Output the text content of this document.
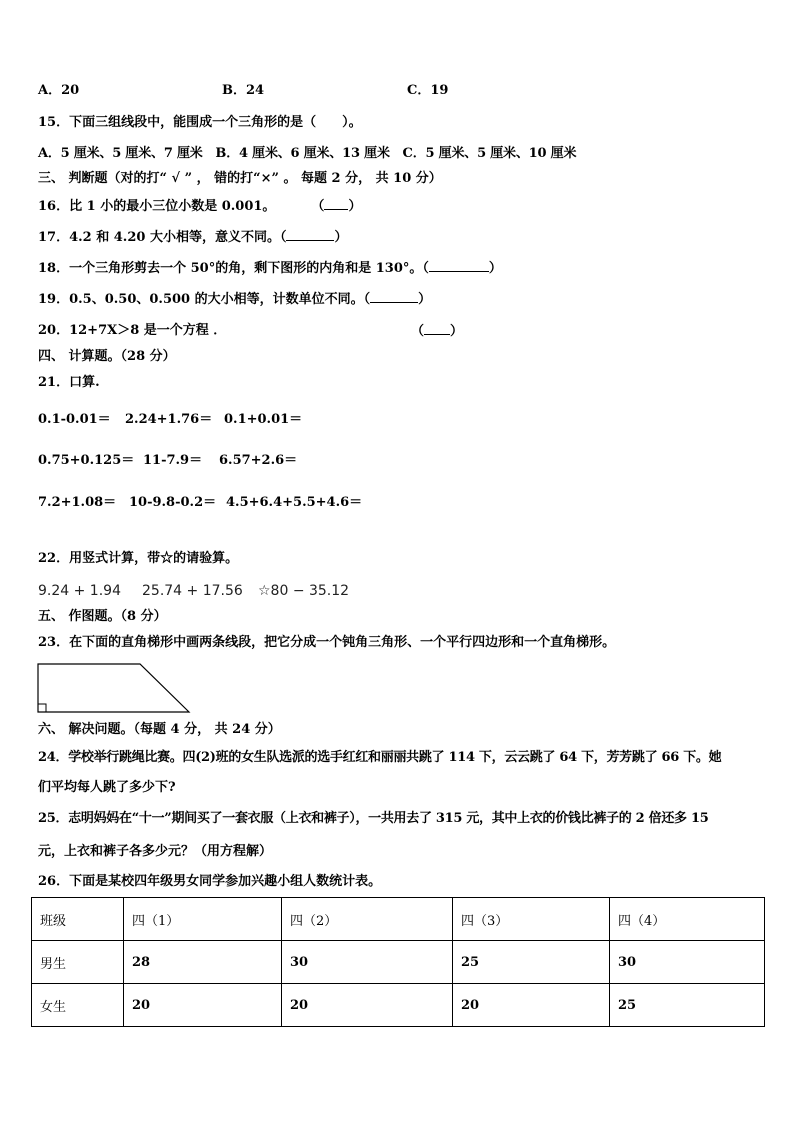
A．20	B．24	C．19
15．下面三组线段中，能围成一个三角形的是（　　）。
A．5 厘米、5 厘米、7 厘米　B．4 厘米、6 厘米、13 厘米　C．5 厘米、5 厘米、10 厘米
三、 判断题（对的打“ √ ” ， 错的打“×” 。 每题 2 分， 共 10 分）
16．比 1 小的最小三位小数是 0.001。	（ ）
17．4.2 和 4.20 大小相等，意义不同。（	）
18．一个三角形剪去一个 50°的角，剩下图形的内角和是 130°。（	）
19．0.5、0.50、0.500 的大小相等，计数单位不同。（	）
20．12+7X＞8 是一个方程 ．	（ ）
四、 计算题。（28 分）
21．口算.
0.1-0.01＝ 2.24+1.76＝ 0.1+0.01＝
0.75+0.125＝ 11-7.9＝ 6.57+2.6＝
7.2+1.08＝ 10-9.8-0.2＝ 4.5+6.4+5.5+4.6＝
22．用竖式计算，带☆的请验算。
9.24 + 1.94 25.74 + 17.56 ☆80 − 35.12
五、 作图题。（8 分）
23．在下面的直角梯形中画两条线段，把它分成一个钝角三角形、一个平行四边形和一个直角梯形。
六、 解决问题。（每题 4 分， 共 24 分）
24．学校举行跳绳比赛。四(2)班的女生队选派的选手红红和丽丽共跳了 114 下，云云跳了 64 下，芳芳跳了 66 下。她
们平均每人跳了多少下?
25．志明妈妈在“十一”期间买了一套衣服（上衣和裤子），一共用去了 315 元，其中上衣的价钱比裤子的 2 倍还多 15
元，上衣和裤子各多少元？（用方程解）
26．下面是某校四年级男女同学参加兴趣小组人数统计表。
班级	四（1）	四（2）	四（3）	四（4）
男生	28	30	25	30
女生	20	20	20	25
